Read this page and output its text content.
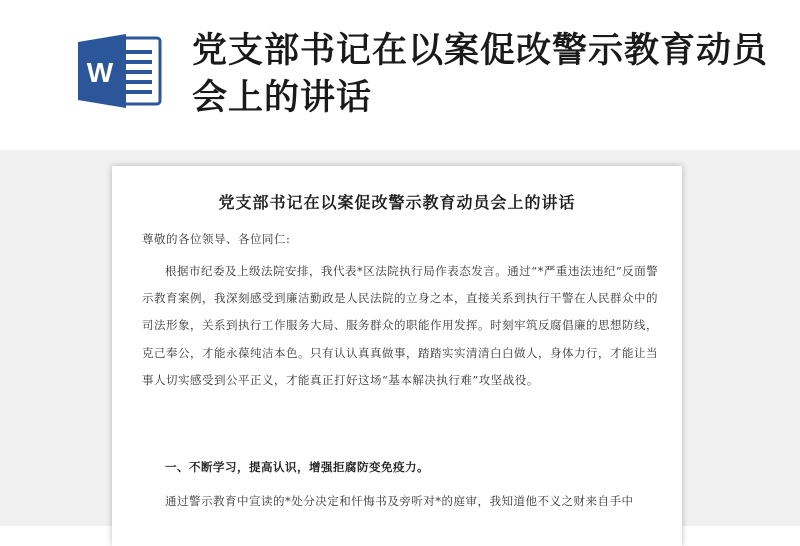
W
党支部书记在以案促改警示教育动员会上的讲话
党支部书记在以案促改警示教育动员会上的讲话
尊敬的各位领导、各位同仁:
根据市纪委及上级法院安排，我代表*区法院执行局作表态发言。通过“*严重违法违纪”反面警示教育案例，我深刻感受到廉洁勤政是人民法院的立身之本，直接关系到执行干警在人民群众中的司法形象，关系到执行工作服务大局、服务群众的职能作用发挥。时刻牢筑反腐倡廉的思想防线，克己奉公，才能永葆纯洁本色。只有认认真真做事，踏踏实实清清白白做人，身体力行，才能让当事人切实感受到公平正义，才能真正打好这场“基本解决执行难”攻坚战役。
一、不断学习，提高认识，增强拒腐防变免疫力。
通过警示教育中宣读的*处分决定和忏悔书及旁听对*的庭审，我知道他不义之财来自手中
